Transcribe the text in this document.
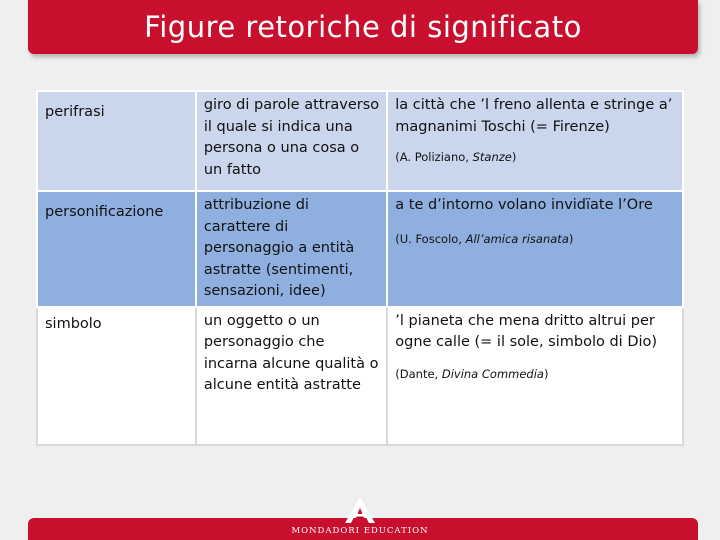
Figure retoriche di significato
perifrasi	giro di parole attraverso il quale si indica una persona o una cosa o un fatto	la città che ’l freno allenta e stringe a’ magnanimi Toschi (= Firenze)
(A. Poliziano, Stanze)

personificazione	attribuzione di carattere di personaggio a entità astratte (sentimenti, sensazioni, idee)	a te d’intorno volano invidïate l’Ore
(U. Foscolo, All’amica risanata)

simbolo	un oggetto o un personaggio che incarna alcune qualità o alcune entità astratte	’l pianeta che mena dritto altrui per ogne calle (= il sole, simbolo di Dio)
(Dante, Divina Commedia)
MONDADORI EDUCATION
